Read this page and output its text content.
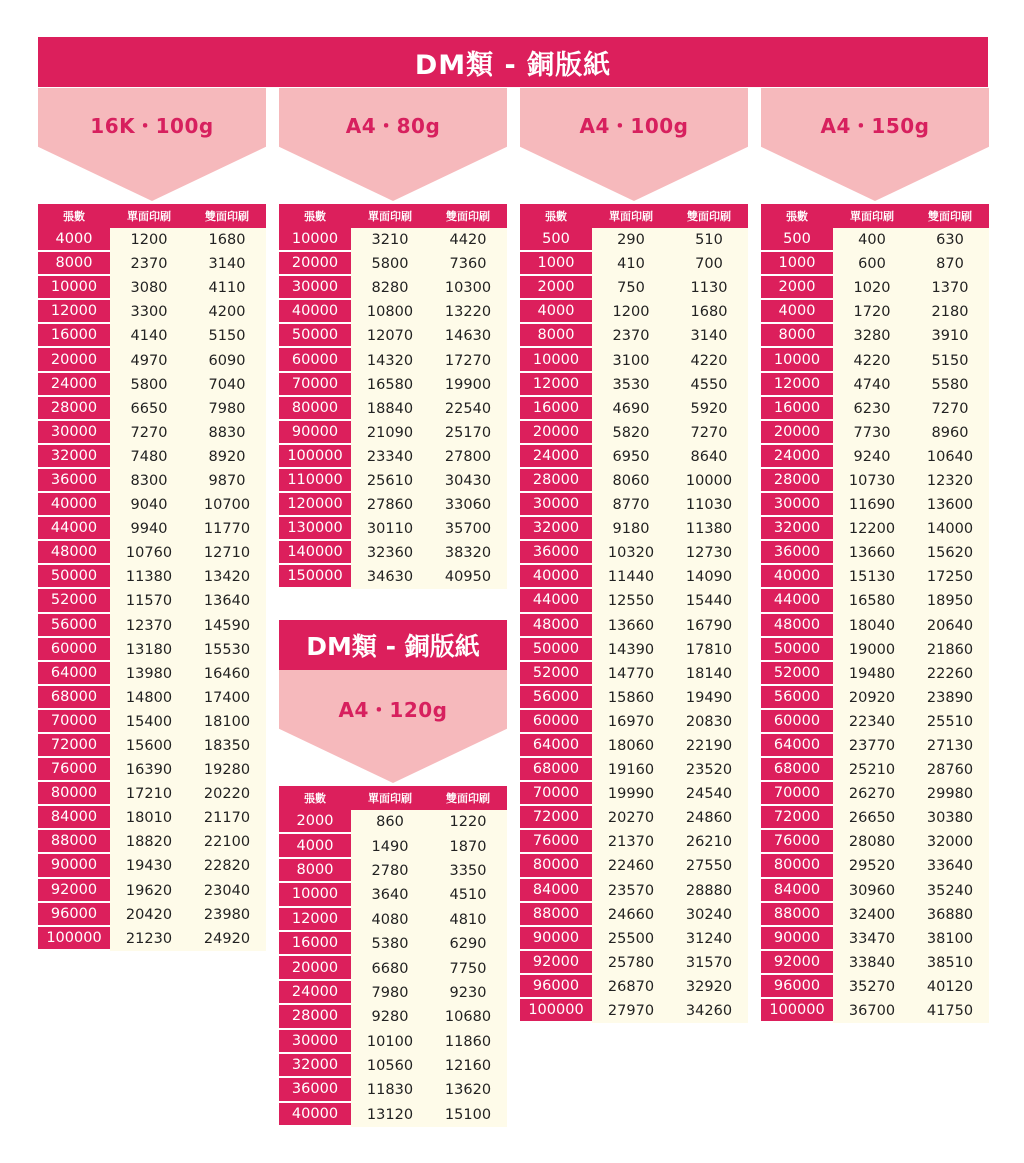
DM類 - 銅版紙
16K・100g	A4・80g	A4・100g	A4・150g
張數	單面印刷	雙面印刷
4000	1200	1680
8000	2370	3140
10000	3080	4110
12000	3300	4200
16000	4140	5150
20000	4970	6090
24000	5800	7040
28000	6650	7980
30000	7270	8830
32000	7480	8920
36000	8300	9870
40000	9040	10700
44000	9940	11770
48000	10760	12710
50000	11380	13420
52000	11570	13640
56000	12370	14590
60000	13180	15530
64000	13980	16460
68000	14800	17400
70000	15400	18100
72000	15600	18350
76000	16390	19280
80000	17210	20220
84000	18010	21170
88000	18820	22100
90000	19430	22820
92000	19620	23040
96000	20420	23980
100000	21230	24920
張數	單面印刷	雙面印刷
10000	3210	4420
20000	5800	7360
30000	8280	10300
40000	10800	13220
50000	12070	14630
60000	14320	17270
70000	16580	19900
80000	18840	22540
90000	21090	25170
100000	23340	27800
110000	25610	30430
120000	27860	33060
130000	30110	35700
140000	32360	38320
150000	34630	40950
張數	單面印刷	雙面印刷
500	290	510
1000	410	700
2000	750	1130
4000	1200	1680
8000	2370	3140
10000	3100	4220
12000	3530	4550
16000	4690	5920
20000	5820	7270
24000	6950	8640
28000	8060	10000
30000	8770	11030
32000	9180	11380
36000	10320	12730
40000	11440	14090
44000	12550	15440
48000	13660	16790
50000	14390	17810
52000	14770	18140
56000	15860	19490
60000	16970	20830
64000	18060	22190
68000	19160	23520
70000	19990	24540
72000	20270	24860
76000	21370	26210
80000	22460	27550
84000	23570	28880
88000	24660	30240
90000	25500	31240
92000	25780	31570
96000	26870	32920
100000	27970	34260
張數	單面印刷	雙面印刷
500	400	630
1000	600	870
2000	1020	1370
4000	1720	2180
8000	3280	3910
10000	4220	5150
12000	4740	5580
16000	6230	7270
20000	7730	8960
24000	9240	10640
28000	10730	12320
30000	11690	13600
32000	12200	14000
36000	13660	15620
40000	15130	17250
44000	16580	18950
48000	18040	20640
50000	19000	21860
52000	19480	22260
56000	20920	23890
60000	22340	25510
64000	23770	27130
68000	25210	28760
70000	26270	29980
72000	26650	30380
76000	28080	32000
80000	29520	33640
84000	30960	35240
88000	32400	36880
90000	33470	38100
92000	33840	38510
96000	35270	40120
100000	36700	41750
DM類 - 銅版紙
A4・120g
張數	單面印刷	雙面印刷
2000	860	1220
4000	1490	1870
8000	2780	3350
10000	3640	4510
12000	4080	4810
16000	5380	6290
20000	6680	7750
24000	7980	9230
28000	9280	10680
30000	10100	11860
32000	10560	12160
36000	11830	13620
40000	13120	15100
